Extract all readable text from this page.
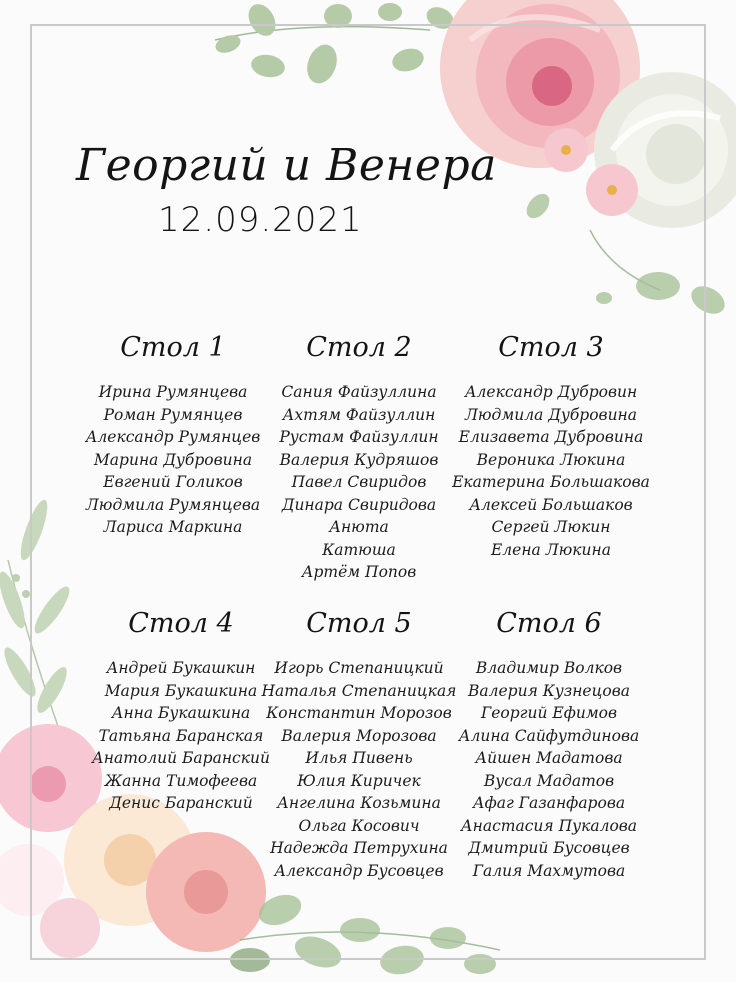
Георгий и Венера
12.09.2021
Стол 1
Ирина Румянцева
Роман Румянцев
Александр Румянцев
Марина Дубровина
Евгений Голиков
Людмила Румянцева
Лариса Маркина
Стол 2
Сания Файзуллина
Ахтям Файзуллин
Рустам Файзуллин
Валерия Кудряшов
Павел Свиридов
Динара Свиридова
Анюта
Катюша
Артём Попов
Стол 3
Александр Дубровин
Людмила Дубровина
Елизавета Дубровина
Вероника Люкина
Екатерина Большакова
Алексей Большаков
Сергей Люкин
Елена Люкина
Стол 4
Андрей Букашкин
Мария Букашкина
Анна Букашкина
Татьяна Баранская
Анатолий Баранский
Жанна Тимофеева
Денис Баранский
Стол 5
Игорь Степаницкий
Наталья Степаницкая
Константин Морозов
Валерия Морозова
Илья Пивень
Юлия Киричек
Ангелина Козьмина
Ольга Косович
Надежда Петрухина
Александр Бусовцев
Стол 6
Владимир Волков
Валерия Кузнецова
Георгий Ефимов
Алина Сайфутдинова
Айшен Мадатова
Вусал Мадатов
Афаг Газанфарова
Анастасия Пукалова
Дмитрий Бусовцев
Галия Махмутова
